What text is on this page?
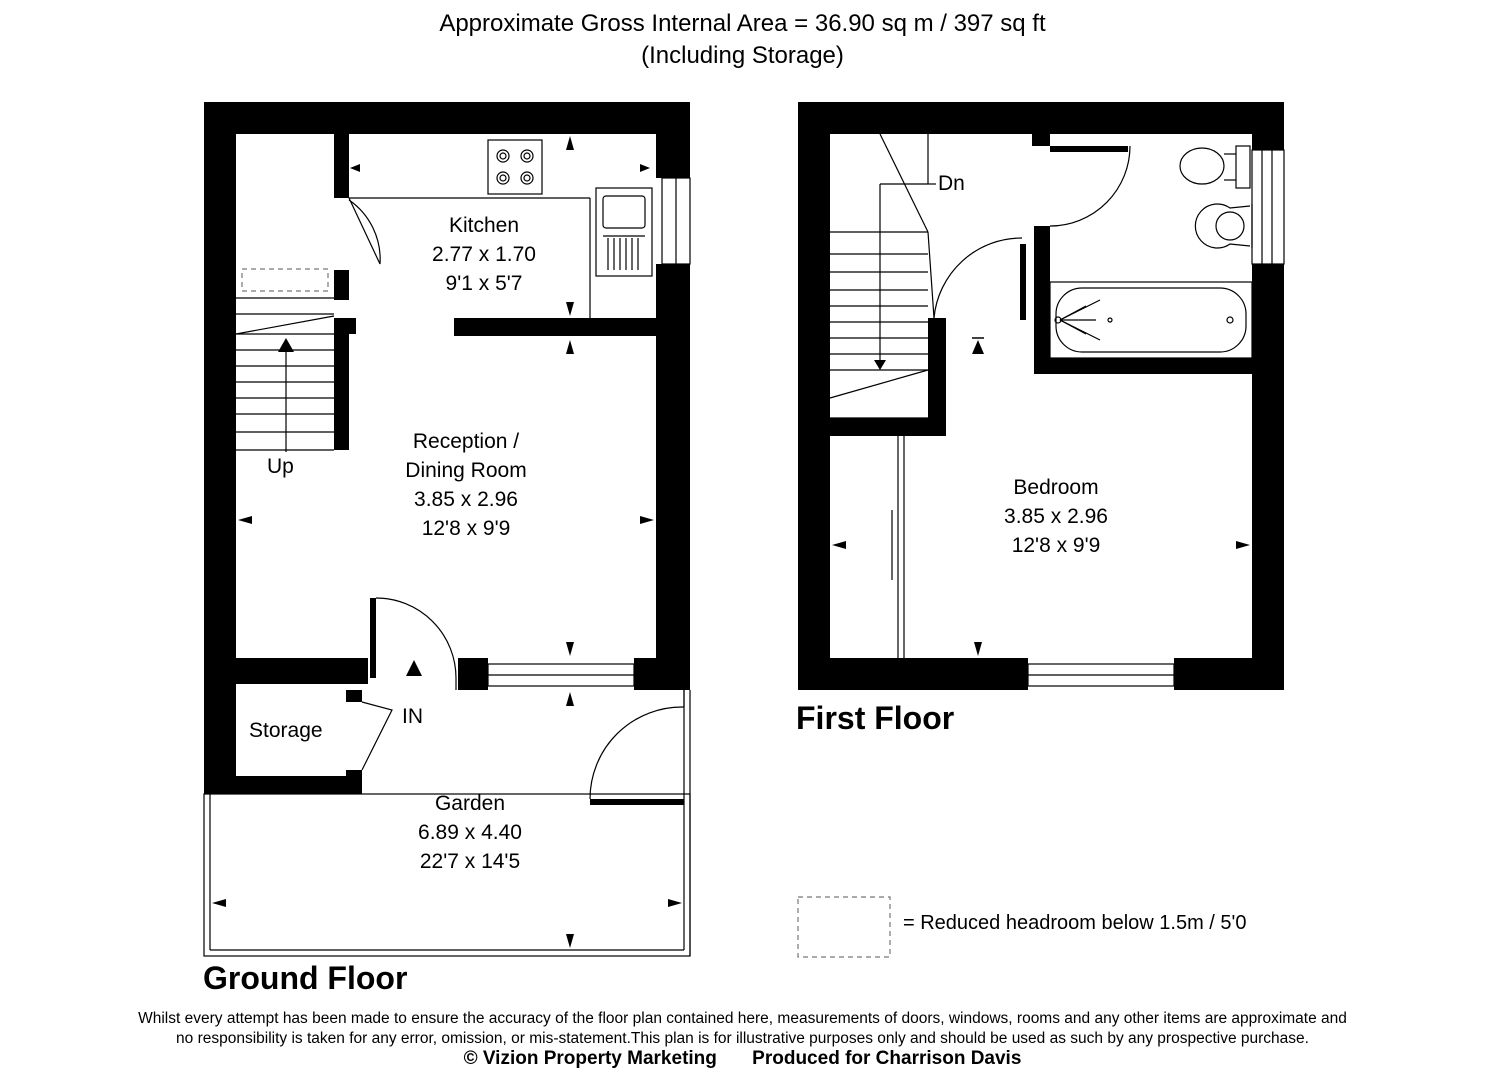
Approximate Gross Internal Area = 36.90 sq m / 397 sq ft
(Including Storage)
Kitchen
2.77 x 1.70
9'1 x 5'7
Reception /
Dining Room
3.85 x 2.96
12'8 x 9'9
Storage
Garden
6.89 x 4.40
22'7 x 14'5
Up
IN
Ground Floor
Dn
Bedroom
3.85 x 2.96
12'8 x 9'9
First Floor
= Reduced headroom below 1.5m / 5'0
Whilst every attempt has been made to ensure the accuracy of the floor plan contained here, measurements of doors, windows, rooms and any other items are approximate and
no responsibility is taken for any error, omission, or mis-statement.This plan is for illustrative purposes only and should be used as such by any prospective purchase.
© Vizion Property Marketing Produced for Charrison Davis
